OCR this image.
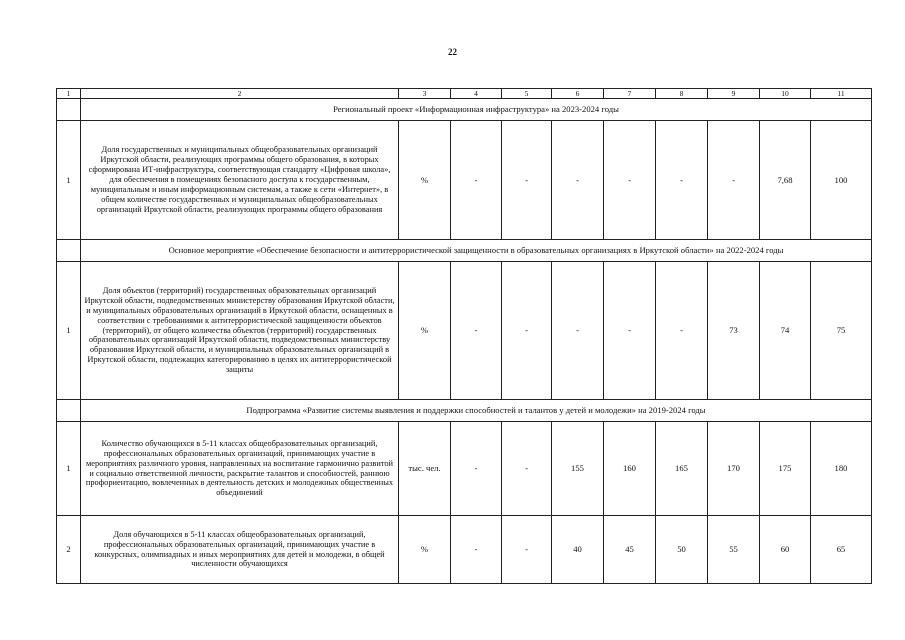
22
1	2	3	4	5	6	7	8	9	10	11
	Региональный проект «Информационная инфраструктура» на 2023-2024 годы									
1	Доля государственных и муниципальных общеобразовательных организаций Иркутской области, реализующих программы общего образования, в которых сформирована ИТ-инфраструктура, соответствующая стандарту «Цифровая школа», для обеспечения в помещениях безопасного доступа к государственным, муниципальным и иным информационным системам, а также к сети «Интернет», в общем количестве государственных и муниципальных общеобразовательных организаций Иркутской области, реализующих программы общего образования	%	-	-	-	-	-	-	7,68	100
	Основное мероприятие «Обеспечение безопасности и антитеррористической защищенности в образовательных организациях в Иркутской области» на 2022-2024 годы									
1	Доля объектов (территорий) государственных образовательных организаций Иркутской области, подведомственных министерству образования Иркутской области, и муниципальных образовательных организаций в Иркутской области, оснащенных в соответствии с требованиями к антитеррористической защищенности объектов (территорий), от общего количества объектов (территорий) государственных образовательных организаций Иркутской области, подведомственных министерству образования Иркутской области, и муниципальных образовательных организаций в Иркутской области, подлежащих категорированию в целях их антитеррористической защиты	%	-	-	-	-	-	73	74	75
	Подпрограмма «Развитие системы выявления и поддержки способностей и талантов у детей и молодежи» на 2019-2024 годы									
1	Количество обучающихся в 5-11 классах общеобразовательных организаций, профессиональных образовательных организаций, принимающих участие в мероприятиях различного уровня, направленных на воспитание гармонично развитой и социально ответственной личности, раскрытие талантов и способностей, раннюю профориентацию, вовлеченных в деятельность детских и молодежных общественных объединений	тыс. чел.	-	-	155	160	165	170	175	180
2	Доля обучающихся в 5-11 классах общеобразовательных организаций, профессиональных образовательных организаций, принимающих участие в конкурсных, олимпиадных и иных мероприятиях для детей и молодежи, в общей численности обучающихся	%	-	-	40	45	50	55	60	65
